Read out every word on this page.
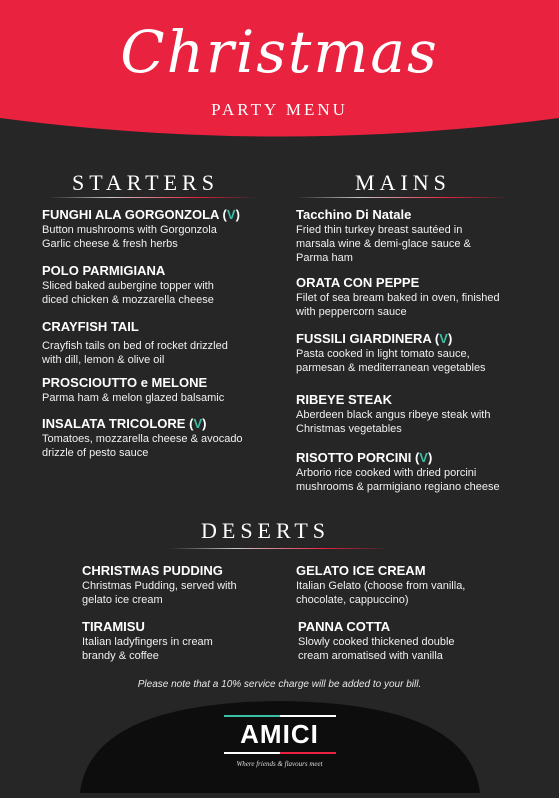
Christmas
PARTY MENU
STARTERS
FUNGHI ALA GORGONZOLA (V)
Button mushrooms with Gorgonzola
Garlic cheese & fresh herbs
POLO PARMIGIANA
Sliced baked aubergine topper with
diced chicken & mozzarella cheese
CRAYFISH TAIL
Crayfish tails on bed of rocket drizzled
with dill, lemon & olive oil
PROSCIOUTTO e MELONE
Parma ham & melon glazed balsamic
INSALATA TRICOLORE (V)
Tomatoes, mozzarella cheese & avocado
drizzle of pesto sauce
MAINS
Tacchino Di Natale
Fried thin turkey breast sautéed in
marsala wine & demi-glace sauce &
Parma ham
ORATA CON PEPPE
Filet of sea bream baked in oven, finished
with peppercorn sauce
FUSSILI GIARDINERA (V)
Pasta cooked in light tomato sauce,
parmesan & mediterranean vegetables
RIBEYE STEAK
Aberdeen black angus ribeye steak with
Christmas vegetables
RISOTTO PORCINI (V)
Arborio rice cooked with dried porcini
mushrooms & parmigiano regiano cheese
DESERTS
CHRISTMAS PUDDING
Christmas Pudding, served with
gelato ice cream
GELATO ICE CREAM
Italian Gelato (choose from vanilla,
chocolate, cappuccino)
TIRAMISU
Italian ladyfingers in cream
brandy & coffee
PANNA COTTA
Slowly cooked thickened double
cream aromatised with vanilla
Please note that a 10% service charge will be added to your bill.
AMICI
Where friends & flavours meet
